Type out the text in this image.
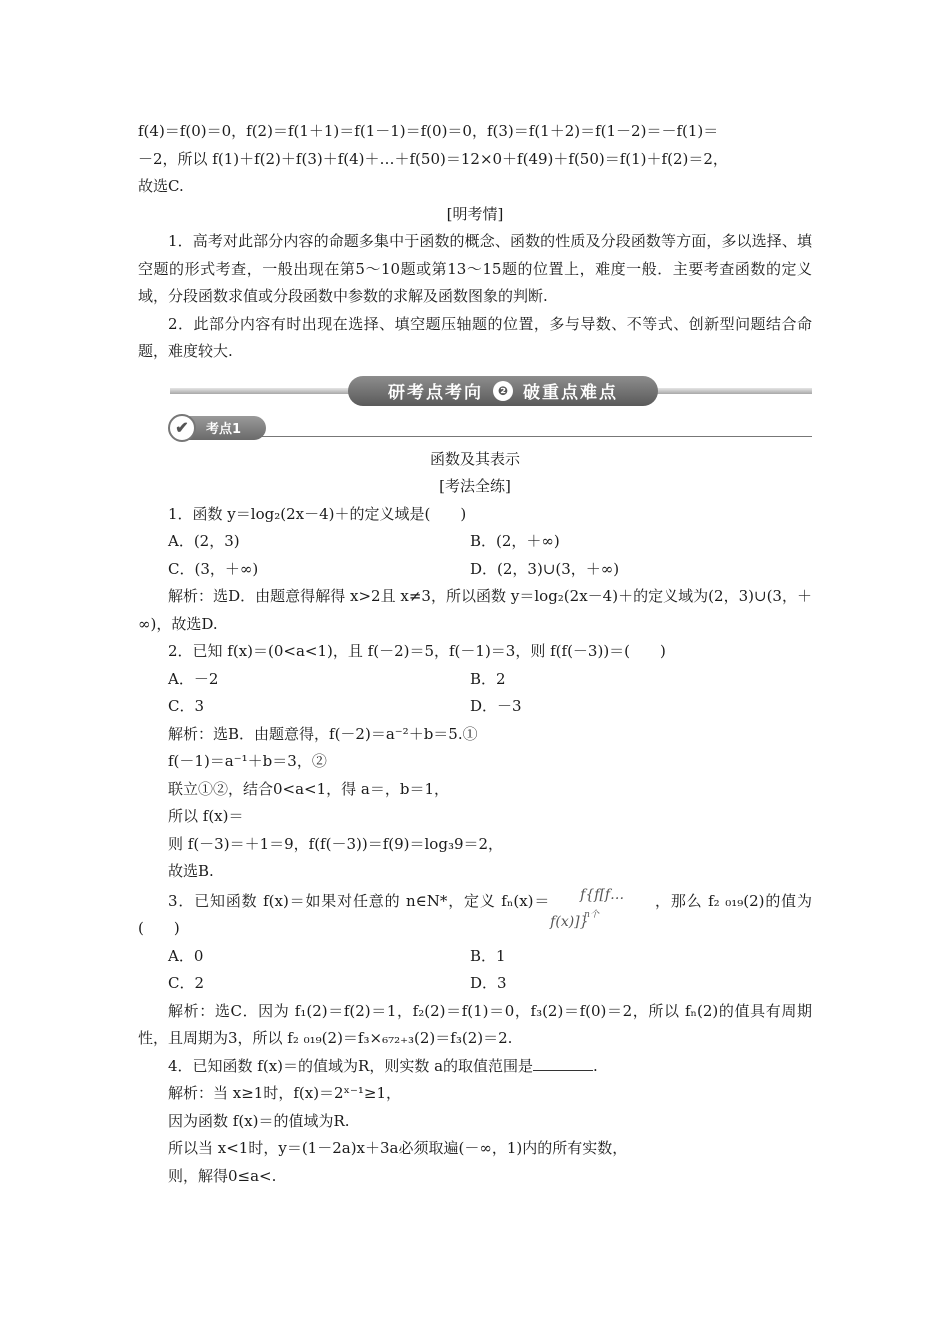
f(4)＝f(0)＝0，f(2)＝f(1＋1)＝f(1－1)＝f(0)＝0，f(3)＝f(1＋2)＝f(1－2)＝－f(1)＝

－2，所以 f(1)＋f(2)＋f(3)＋f(4)＋…＋f(50)＝12×0＋f(49)＋f(50)＝f(1)＋f(2)＝2，

故选C.

[明考情]

1．高考对此部分内容的命题多集中于函数的概念、函数的性质及分段函数等方面，多以选择、填空题的形式考查，一般出现在第5～10题或第13～15题的位置上，难度一般．主要考查函数的定义域，分段函数求值或分段函数中参数的求解及函数图象的判断.

2．此部分内容有时出现在选择、填空题压轴题的位置，多与导数、不等式、创新型问题结合命题，难度较大.

研考点考向	❷ 破重点难点
考点1
✔

函数及其表示

[考法全练]

1．函数 y＝log₂(2x－4)＋的定义域是(　　)

A．(2，3)	B．(2，＋∞)
C．(3，＋∞)	D．(2，3)∪(3，＋∞)

解析：选D．由题意得解得 x>2且 x≠3，所以函数 y＝log₂(2x－4)＋的定义域为(2，3)∪(3，＋∞)，故选D.

2．已知 f(x)＝(0<a<1)，且 f(－2)＝5，f(－1)＝3，则 f(f(－3))＝(　　)

A．－2	B．2
C．3	D．－3

解析：选B．由题意得，f(－2)＝a⁻²＋b＝5.①

f(－1)＝a⁻¹＋b＝3，②

联立①②，结合0<a<1，得 a＝，b＝1，

所以 f(x)＝

则 f(－3)＝＋1＝9，f(f(－3))＝f(9)＝log₃9＝2，

故选B.

3．已知函数 f(x)＝如果对任意的 n∈N*，定义 fₙ(x)＝	f{f[f…f(x)]}
n个
，那么 f₂ ₀₁₉(2)的值为(　　)

A．0	B．1
C．2	D．3

解析：选C．因为 f₁(2)＝f(2)＝1，f₂(2)＝f(1)＝0，f₃(2)＝f(0)＝2，所以 fₙ(2)的值具有周期性，且周期为3，所以 f₂ ₀₁₉(2)＝f₃×₆₇₂₊₃(2)＝f₃(2)＝2.

4．已知函数 f(x)＝的值域为R，则实数 a的取值范围是	.

解析：当 x≥1时，f(x)＝2ˣ⁻¹≥1，

因为函数 f(x)＝的值域为R.

所以当 x<1时，y＝(1－2a)x＋3a必须取遍(－∞，1)内的所有实数，

则，解得0≤a<.
